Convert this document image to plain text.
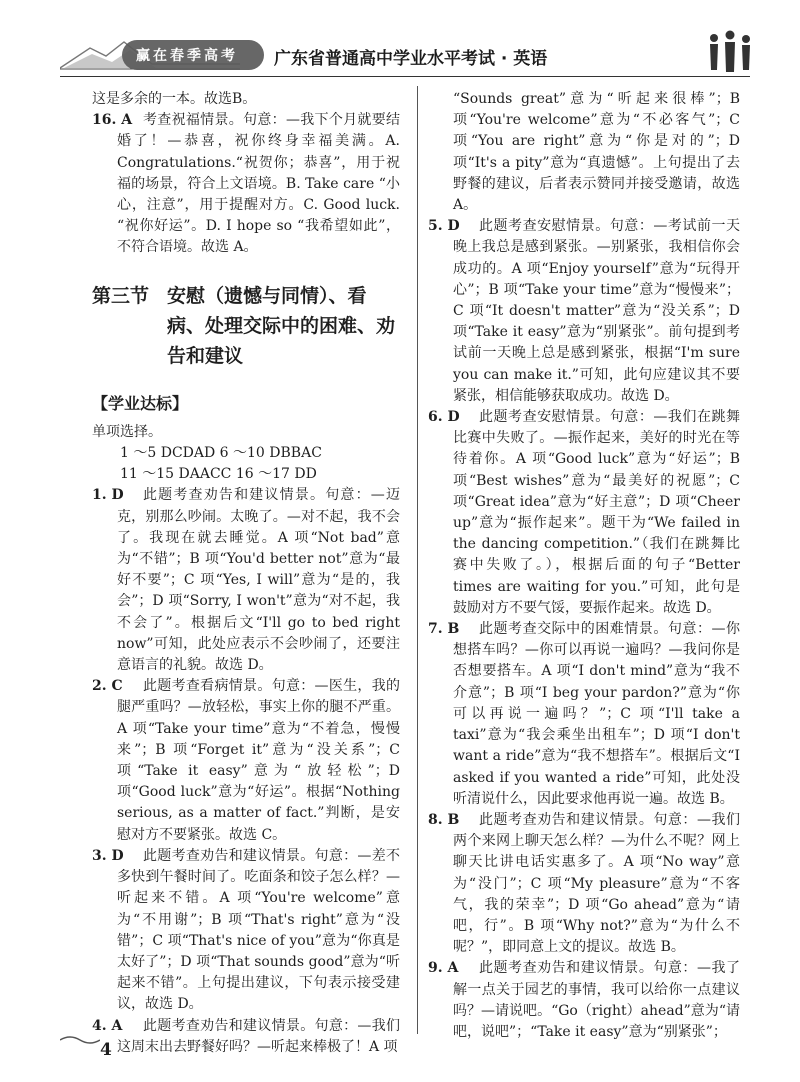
赢在春季高考 广东省普通高中学业水平考试 · 英语

这是多余的一本。故选B。

16. A 考查祝福情景。句意：—我下个月就要结婚了！—恭喜，祝你终身幸福美满。A. Congratulations.“祝贺你；恭喜”，用于祝福的场景，符合上文语境。B. Take care “小心，注意”，用于提醒对方。C. Good luck. “祝你好运”。D. I hope so “我希望如此”，不符合语境。故选 A。
第三节 安慰（遗憾与同情）、看病、处理交际中的困难、劝告和建议
【学业达标】
单项选择。
1 ～5 DCDAD 6 ～10 DBBAC
11 ～15 DAACC 16 ～17 DD
1. D 此题考查劝告和建议情景。句意：—迈克，别那么吵闹。太晚了。—对不起，我不会了。我现在就去睡觉。A 项“Not bad”意为“不错”；B 项“You'd better not”意为“最好不要”；C 项“Yes, I will”意为“是的，我会”；D 项“Sorry, I won't”意为“对不起，我不会了”。根据后文“I'll go to bed right now”可知，此处应表示不会吵闹了，还要注意语言的礼貌。故选 D。
2. C 此题考查看病情景。句意：—医生，我的腿严重吗？—放轻松，事实上你的腿不严重。A 项“Take your time”意为“不着急，慢慢来”；B 项“Forget it”意为“没关系”；C 项“Take it easy”意为“放轻松”；D 项“Good luck”意为“好运”。根据“Nothing serious, as a matter of fact.”判断，是安慰对方不要紧张。故选 C。
3. D 此题考查劝告和建议情景。句意：—差不多快到午餐时间了。吃面条和饺子怎么样？—听起来不错。A 项“You're welcome”意为“不用谢”；B 项“That's right”意为“没错”；C 项“That's nice of you”意为“你真是太好了”；D 项“That sounds good”意为“听起来不错”。上句提出建议，下句表示接受建议，故选 D。
4. A 此题考查劝告和建议情景。句意：—我们这周末出去野餐好吗？—听起来棒极了！A 项
“Sounds great”意为“听起来很棒”；B 项“You're welcome”意为“不必客气”；C 项“You are right”意为“你是对的”；D 项“It's a pity”意为“真遗憾”。上句提出了去野餐的建议，后者表示赞同并接受邀请，故选 A。
5. D 此题考查安慰情景。句意：—考试前一天晚上我总是感到紧张。—别紧张，我相信你会成功的。A 项“Enjoy yourself”意为“玩得开心”；B 项“Take your time”意为“慢慢来”；C 项“It doesn't matter”意为“没关系”；D 项“Take it easy”意为“别紧张”。前句提到考试前一天晚上总是感到紧张，根据“I'm sure you can make it.”可知，此句应建议其不要紧张，相信能够获取成功。故选 D。
6. D 此题考查安慰情景。句意：—我们在跳舞比赛中失败了。—振作起来，美好的时光在等待着你。A 项“Good luck”意为“好运”；B 项“Best wishes”意为“最美好的祝愿”；C 项“Great idea”意为“好主意”；D 项“Cheer up”意为“振作起来”。题干为“We failed in the dancing competition.”（我们在跳舞比赛中失败了。），根据后面的句子“Better times are waiting for you.”可知，此句是鼓励对方不要气馁，要振作起来。故选 D。
7. B 此题考查交际中的困难情景。句意：—你想搭车吗？—你可以再说一遍吗？—我问你是否想要搭车。A 项“I don't mind”意为“我不介意”；B 项“I beg your pardon?”意为“你可以再说一遍吗？”；C 项“I'll take a taxi”意为“我会乘坐出租车”；D 项“I don't want a ride”意为“我不想搭车”。根据后文“I asked if you wanted a ride”可知，此处没听清说什么，因此要求他再说一遍。故选 B。
8. B 此题考查劝告和建议情景。句意：—我们两个来网上聊天怎么样？—为什么不呢？网上聊天比讲电话实惠多了。A 项“No way”意为“没门”；C 项“My pleasure”意为“不客气，我的荣幸”；D 项“Go ahead”意为“请吧，行”。B 项“Why not?”意为“为什么不呢？”，即同意上文的提议。故选 B。
9. A 此题考查劝告和建议情景。句意：—我了解一点关于园艺的事情，我可以给你一点建议吗？—请说吧。“Go（right）ahead”意为“请吧，说吧”；“Take it easy”意为“别紧张”；
4
